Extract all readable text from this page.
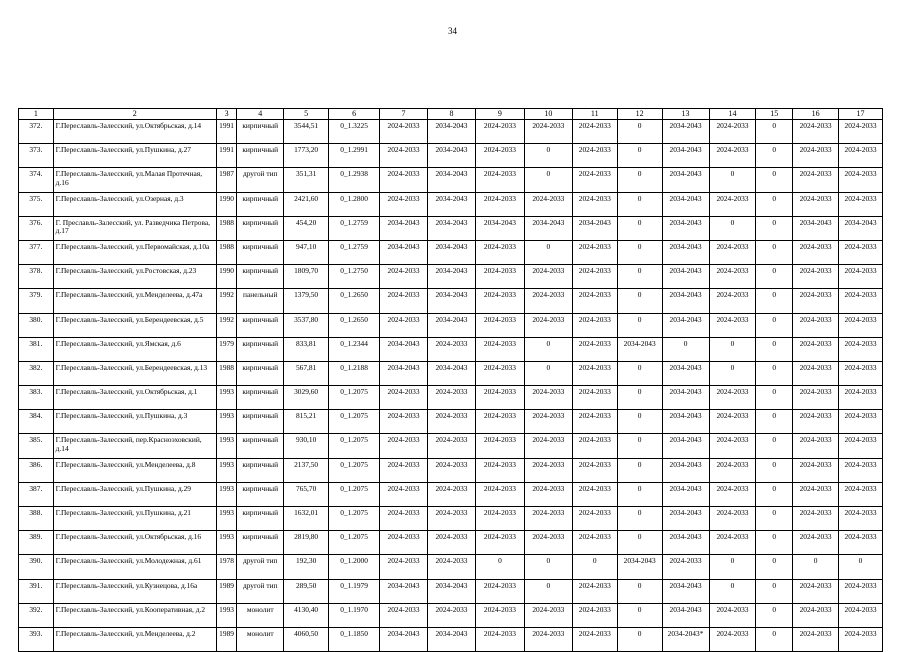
34
1	2	3	4	5	6	7	8	9	10	11	12	13	14	15	16	17
372.	Г.Переславль-Залесский, ул.Октябрьская, д.14	1991	кирпичный	3544,51	0_1.3225	2024-2033	2034-2043	2024-2033	2024-2033	2024-2033	0	2034-2043	2024-2033	0	2024-2033	2024-2033
373.	Г.Переславль-Залесский, ул.Пушкина, д.27	1991	кирпичный	1773,20	0_1.2991	2024-2033	2034-2043	2024-2033	0	2024-2033	0	2034-2043	2024-2033	0	2024-2033	2024-2033
374.	Г.Переславль-Залесский, ул.Малая Протечная, д.16	1987	другой тип	351,31	0_1.2938	2024-2033	2034-2043	2024-2033	0	2024-2033	0	2034-2043	0	0	2024-2033	2024-2033
375.	Г.Переславль-Залесский, ул.Озерная, д.3	1990	кирпичный	2421,60	0_1.2800	2024-2033	2034-2043	2024-2033	2024-2033	2024-2033	0	2034-2043	2024-2033	0	2024-2033	2024-2033
376.	Г. Преславль-Залесский, ул. Разведчика Петрова, д.17	1988	кирпичный	454,20	0_1.2759	2034-2043	2034-2043	2034-2043	2034-2043	2034-2043	0	2034-2043	0	0	2034-2043	2034-2043
377.	Г.Переславль-Залесский, ул.Первомайская, д.10а	1988	кирпичный	947,10	0_1.2759	2034-2043	2034-2043	2024-2033	0	2024-2033	0	2034-2043	2024-2033	0	2024-2033	2024-2033
378.	Г.Переславль-Залесский, ул.Ростовская, д.23	1990	кирпичный	1809,70	0_1.2750	2024-2033	2034-2043	2024-2033	2024-2033	2024-2033	0	2034-2043	2024-2033	0	2024-2033	2024-2033
379.	Г.Переславль-Залесский, ул.Менделеева, д.47а	1992	панельный	1379,50	0_1.2650	2024-2033	2034-2043	2024-2033	2024-2033	2024-2033	0	2034-2043	2024-2033	0	2024-2033	2024-2033
380.	Г.Переславль-Залесский, ул.Берендеевская, д.5	1992	кирпичный	3537,80	0_1.2650	2024-2033	2034-2043	2024-2033	2024-2033	2024-2033	0	2034-2043	2024-2033	0	2024-2033	2024-2033
381.	Г.Переславль-Залесский, ул.Ямская, д.6	1979	кирпичный	833,81	0_1.2344	2034-2043	2024-2033	2024-2033	0	2024-2033	2034-2043	0	0	0	2024-2033	2024-2033
382.	Г.Переславль-Залесский, ул.Берендеевская, д.13	1988	кирпичный	567,81	0_1.2188	2034-2043	2034-2043	2024-2033	0	2024-2033	0	2034-2043	0	0	2024-2033	2024-2033
383.	Г.Переславль-Залесский, ул.Октябрьская, д.1	1993	кирпичный	3029,60	0_1.2075	2024-2033	2024-2033	2024-2033	2024-2033	2024-2033	0	2034-2043	2024-2033	0	2024-2033	2024-2033
384.	Г.Переславль-Залесский, ул.Пушкина, д.3	1993	кирпичный	815,21	0_1.2075	2024-2033	2024-2033	2024-2033	2024-2033	2024-2033	0	2034-2043	2024-2033	0	2024-2033	2024-2033
385.	Г.Переславль-Залесский, пер.Красноэховский, д.14	1993	кирпичный	930,10	0_1.2075	2024-2033	2024-2033	2024-2033	2024-2033	2024-2033	0	2034-2043	2024-2033	0	2024-2033	2024-2033
386.	Г.Переславль-Залесский, ул.Менделеева, д.8	1993	кирпичный	2137,50	0_1.2075	2024-2033	2024-2033	2024-2033	2024-2033	2024-2033	0	2034-2043	2024-2033	0	2024-2033	2024-2033
387.	Г.Переславль-Залесский, ул.Пушкина, д.29	1993	кирпичный	765,70	0_1.2075	2024-2033	2024-2033	2024-2033	2024-2033	2024-2033	0	2034-2043	2024-2033	0	2024-2033	2024-2033
388.	Г.Переславль-Залесский, ул.Пушкина, д.21	1993	кирпичный	1632,01	0_1.2075	2024-2033	2024-2033	2024-2033	2024-2033	2024-2033	0	2034-2043	2024-2033	0	2024-2033	2024-2033
389.	Г.Переславль-Залесский, ул.Октябрьская, д.16	1993	кирпичный	2819,80	0_1.2075	2024-2033	2024-2033	2024-2033	2024-2033	2024-2033	0	2034-2043	2024-2033	0	2024-2033	2024-2033
390.	Г.Переславль-Залесский, ул.Молодежная, д.61	1978	другой тип	192,30	0_1.2000	2024-2033	2024-2033	0	0	0	2034-2043	2024-2033	0	0	0	0
391.	Г.Переславль-Залесский, ул.Кузнецова, д.16а	1989	другой тип	289,50	0_1.1979	2034-2043	2034-2043	2024-2033	0	2024-2033	0	2034-2043	0	0	2024-2033	2024-2033
392.	Г.Переславль-Залесский, ул.Кооперативная, д.2	1993	монолит	4130,40	0_1.1970	2024-2033	2024-2033	2024-2033	2024-2033	2024-2033	0	2034-2043	2024-2033	0	2024-2033	2024-2033
393.	Г.Переславль-Залесский, ул.Менделеева, д.2	1989	монолит	4060,50	0_1.1850	2034-2043	2034-2043	2024-2033	2024-2033	2024-2033	0	2034-2043*	2024-2033	0	2024-2033	2024-2033
